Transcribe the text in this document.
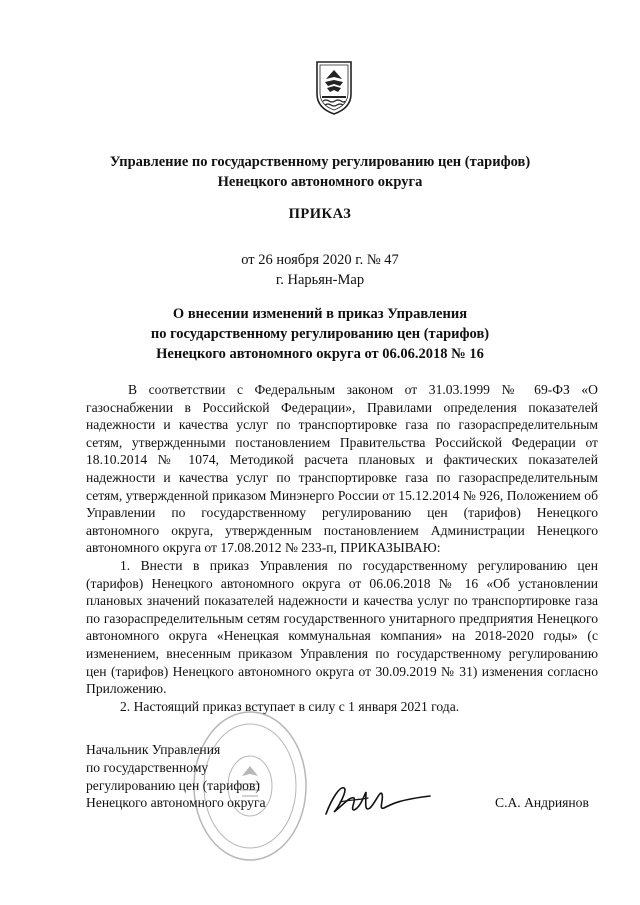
Управление по государственному регулированию цен (тарифов)
Ненецкого автономного округа
ПРИКАЗ
от 26 ноября 2020 г. № 47
г. Нарьян-Мар
О внесении изменений в приказ Управления
по государственному регулированию цен (тарифов)
Ненецкого автономного округа от 06.06.2018 № 16

В соответствии с Федеральным законом от 31.03.1999 № 69-ФЗ «О газоснабжении в Российской Федерации», Правилами определения показателей надежности и качества услуг по транспортировке газа по газораспределительным сетям, утвержденными постановлением Правительства Российской Федерации от 18.10.2014 № 1074, Методикой расчета плановых и фактических показателей надежности и качества услуг по транспортировке газа по газораспределительным сетям, утвержденной приказом Минэнерго России от 15.12.2014 № 926, Положением об Управлении по государственному регулированию цен (тарифов) Ненецкого автономного округа, утвержденным постановлением Администрации Ненецкого автономного округа от 17.08.2012 № 233-п, ПРИКАЗЫВАЮ:

1. Внести в приказ Управления по государственному регулированию цен (тарифов) Ненецкого автономного округа от 06.06.2018 № 16 «Об установлении плановых значений показателей надежности и качества услуг по транспортировке газа по газораспределительным сетям государственного унитарного предприятия Ненецкого автономного округа «Ненецкая коммунальная компания» на 2018-2020 годы» (с изменением, внесенным приказом Управления по государственному регулированию цен (тарифов) Ненецкого автономного округа от 30.09.2019 № 31) изменения согласно Приложению.

2. Настоящий приказ вступает в силу с 1 января 2021 года.

Начальник Управления
по государственному
регулированию цен (тарифов)
Ненецкого автономного округа	С.А. Андриянов
